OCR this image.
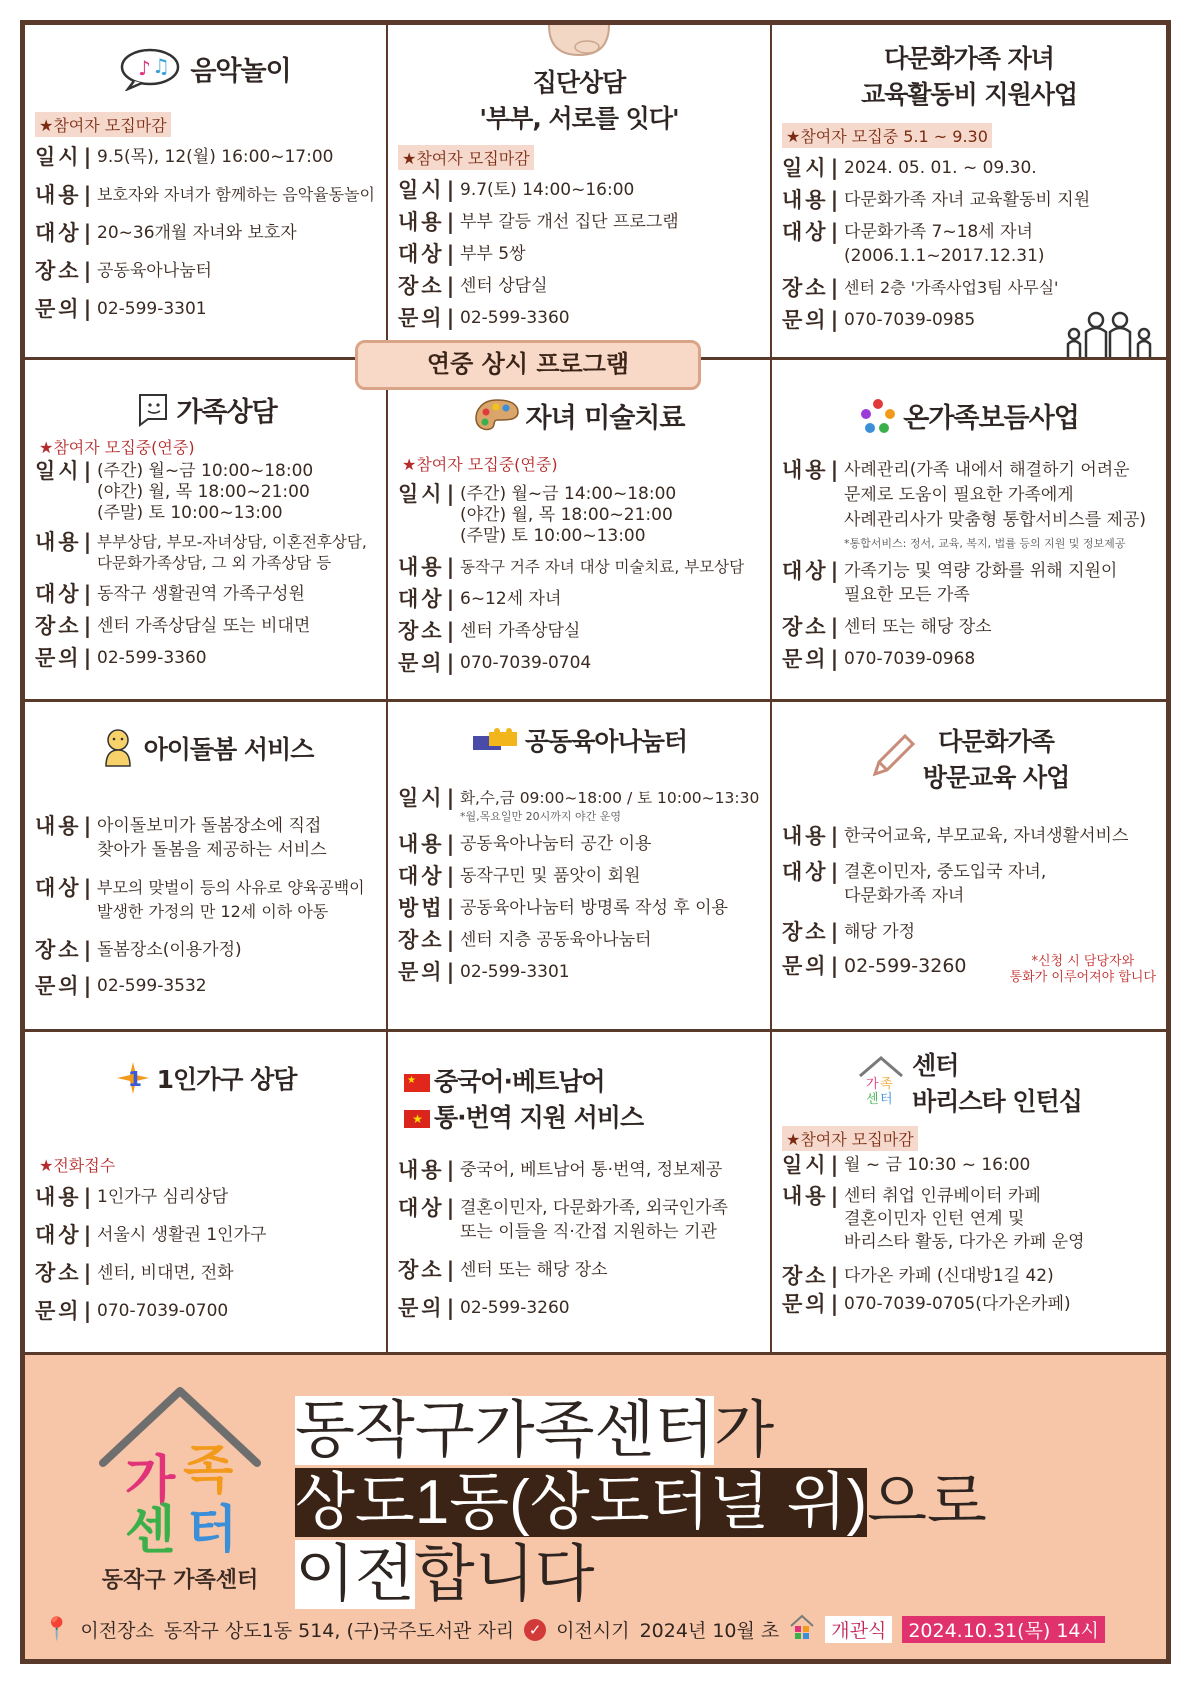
♪ ♫ 음악놀이
★참여자 모집마감
일시 | 9.5(목), 12(월) 16:00~17:00
내용 | 보호자와 자녀가 함께하는 음악율동놀이
대상 | 20~36개월 자녀와 보호자
장소 | 공동육아나눔터
문의 | 02-599-3301
집단상담
'부부, 서로를 잇다'
★참여자 모집마감
일시 | 9.7(토) 14:00~16:00
내용 | 부부 갈등 개선 집단 프로그램
대상 | 부부 5쌍
장소 | 센터 상담실
문의 | 02-599-3360
다문화가족 자녀
교육활동비 지원사업
★참여자 모집중 5.1 ~ 9.30
일시 | 2024. 05. 01. ~ 09.30.
내용 | 다문화가족 자녀 교육활동비 지원
대상 | 다문화가족 7~18세 자녀
(2006.1.1~2017.12.31)
장소 | 센터 2층 '가족사업3팀 사무실'
문의 | 070-7039-0985
가족상담
★참여자 모집중(연중)
일시 | (주간) 월~금 10:00~18:00
(야간) 월, 목 18:00~21:00
(주말) 토 10:00~13:00
내용 | 부부상담, 부모-자녀상담, 이혼전후상담,
다문화가족상담, 그 외 가족상담 등
대상 | 동작구 생활권역 가족구성원
장소 | 센터 가족상담실 또는 비대면
문의 | 02-599-3360
자녀 미술치료
★참여자 모집중(연중)
일시 | (주간) 월~금 14:00~18:00
(야간) 월, 목 18:00~21:00
(주말) 토 10:00~13:00
내용 | 동작구 거주 자녀 대상 미술치료, 부모상담
대상 | 6~12세 자녀
장소 | 센터 가족상담실
문의 | 070-7039-0704
온가족보듬사업
내용 | 사례관리(가족 내에서 해결하기 어려운
문제로 도움이 필요한 가족에게
사례관리사가 맞춤형 통합서비스를 제공)
*통합서비스: 정서, 교육, 복지, 법률 등의 지원 및 정보제공
대상 | 가족기능 및 역량 강화를 위해 지원이
필요한 모든 가족
장소 | 센터 또는 해당 장소
문의 | 070-7039-0968
아이돌봄 서비스
내용 | 아이돌보미가 돌봄장소에 직접
찾아가 돌봄을 제공하는 서비스
대상 | 부모의 맞벌이 등의 사유로 양육공백이
발생한 가정의 만 12세 이하 아동
장소 | 돌봄장소(이용가정)
문의 | 02-599-3532
공동육아나눔터
일시 | 화,수,금 09:00~18:00 / 토 10:00~13:30
*월,목요일만 20시까지 야간 운영
내용 | 공동육아나눔터 공간 이용
대상 | 동작구민 및 품앗이 회원
방법 | 공동육아나눔터 방명록 작성 후 이용
장소 | 센터 지층 공동육아나눔터
문의 | 02-599-3301
다문화가족
방문교육 사업
내용 | 한국어교육, 부모교육, 자녀생활서비스
대상 | 결혼이민자, 중도입국 자녀,
다문화가족 자녀
장소 | 해당 가정
문의 | 02-599-3260	*신청 시 담당자와
통화가 이루어져야 합니다
1 1인가구 상담
★전화접수
내용 | 1인가구 심리상담
대상 | 서울시 생활권 1인가구
장소 | 센터, 비대면, 전화
문의 | 070-7039-0700
★중국어·베트남어
★ 통·번역 지원 서비스
내용 | 중국어, 베트남어 통·번역, 정보제공
대상 | 결혼이민자, 다문화가족, 외국인가족
또는 이들을 직·간접 지원하는 기관
장소 | 센터 또는 해당 장소
문의 | 02-599-3260
가 족
센 터
센터
바리스타 인턴십
★참여자 모집마감
일시 | 월 ~ 금 10:30 ~ 16:00
내용 | 센터 취업 인큐베이터 카페
결혼이민자 인턴 연계 및
바리스타 활동, 다가온 카페 운영
장소 | 다가온 카페 (신대방1길 42)
문의 | 070-7039-0705(다가온카페)
연중 상시 프로그램
가 족
센 터
동작구 가족센터
동작구가족센터가
상도1동(상도터널 위)으로
이전합니다
📍 이전장소 동작구 상도1동 514, (구)국주도서관 자리 ✓ 이전시기 2024년 10월 초	개관식	2024.10.31(목) 14시
